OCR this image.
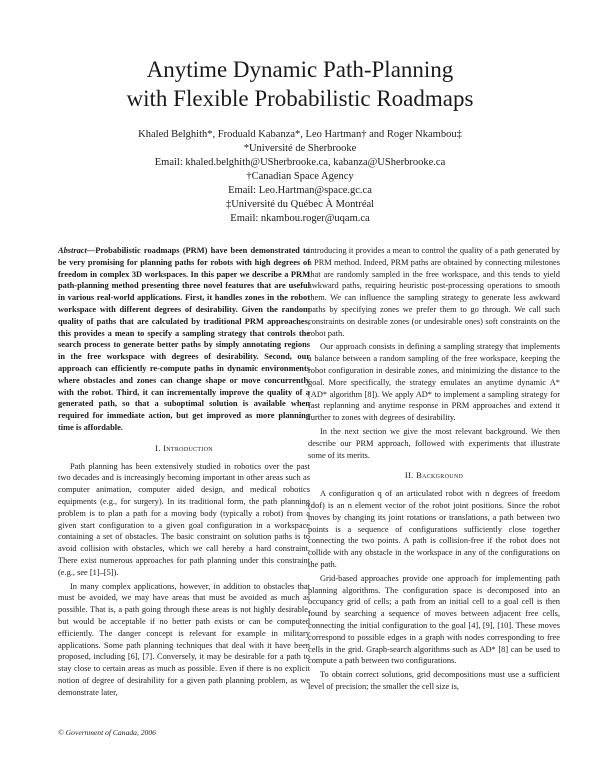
Anytime Dynamic Path-Planning
with Flexible Probabilistic Roadmaps
Khaled Belghith*, Froduald Kabanza*, Leo Hartman† and Roger Nkambou‡
*Université de Sherbrooke
Email: khaled.belghith@USherbrooke.ca, kabanza@USherbrooke.ca
†Canadian Space Agency
Email: Leo.Hartman@space.gc.ca
‡Université du Québec À Montréal
Email: nkambou.roger@uqam.ca
Abstract—Probabilistic roadmaps (PRM) have been demonstrated to be very promising for planning paths for robots with high degrees of freedom in complex 3D workspaces. In this paper we describe a PRM path-planning method presenting three novel features that are useful in various real-world applications. First, it handles zones in the robot workspace with different degrees of desirability. Given the random quality of paths that are calculated by traditional PRM approaches, this provides a mean to specify a sampling strategy that controls the search process to generate better paths by simply annotating regions in the free workspace with degrees of desirability. Second, our approach can efficiently re-compute paths in dynamic environments where obstacles and zones can change shape or move concurrently with the robot. Third, it can incrementally improve the quality of a generated path, so that a suboptimal solution is available when required for immediate action, but get improved as more planning time is affordable.
I. Introduction

Path planning has been extensively studied in robotics over the past two decades and is increasingly becoming important in other areas such as computer animation, computer aided design, and medical robotics equipments (e.g., for surgery). In its traditional form, the path planning problem is to plan a path for a moving body (typically a robot) from a given start configuration to a given goal configuration in a workspace containing a set of obstacles. The basic constraint on solution paths is to avoid collision with obstacles, which we call hereby a hard constraint. There exist numerous approaches for path planning under this constraint (e.g., see [1]–[5]).

In many complex applications, however, in addition to obstacles that must be avoided, we may have areas that must be avoided as much as possible. That is, a path going through these areas is not highly desirable, but would be acceptable if no better path exists or can be computed efficiently. The danger concept is relevant for example in military applications. Some path planning techniques that deal with it have been proposed, including [6], [7]. Conversely, it may be desirable for a path to stay close to certain areas as much as possible. Even if there is no explicit notion of degree of desirability for a given path planning problem, as we demonstrate later,

introducing it provides a mean to control the quality of a path generated by a PRM method. Indeed, PRM paths are obtained by connecting milestones that are randomly sampled in the free workspace, and this tends to yield awkward paths, requiring heuristic post-processing operations to smooth them. We can influence the sampling strategy to generate less awkward paths by specifying zones we prefer them to go through. We call such constraints on desirable zones (or undesirable ones) soft constraints on the robot path.

Our approach consists in defining a sampling strategy that implements a balance between a random sampling of the free workspace, keeping the robot configuration in desirable zones, and minimizing the distance to the goal. More specifically, the strategy emulates an anytime dynamic A* (AD* algorithm [8]). We apply AD* to implement a sampling strategy for fast replanning and anytime response in PRM approaches and extend it further to zones with degrees of desirability.

In the next section we give the most relevant background. We then describe our PRM approach, followed with experiments that illustrate some of its merits.

II. Background

A configuration q of an articulated robot with n degrees of freedom (dof) is an n element vector of the robot joint positions. Since the robot moves by changing its joint rotations or translations, a path between two points is a sequence of configurations sufficiently close together connecting the two points. A path is collision-free if the robot does not collide with any obstacle in the workspace in any of the configurations on the path.

Grid-based approaches provide one approach for implementing path planning algorithms. The configuration space is decomposed into an occupancy grid of cells; a path from an initial cell to a goal cell is then found by searching a sequence of moves between adjacent free cells, connecting the initial configuration to the goal [4], [9], [10]. These moves correspond to possible edges in a graph with nodes corresponding to free cells in the grid. Graph-search algorithms such as AD* [8] can be used to compute a path between two configurations.

To obtain correct solutions, grid decompositions must use a sufficient level of precision; the smaller the cell size is,

© Government of Canada, 2006
